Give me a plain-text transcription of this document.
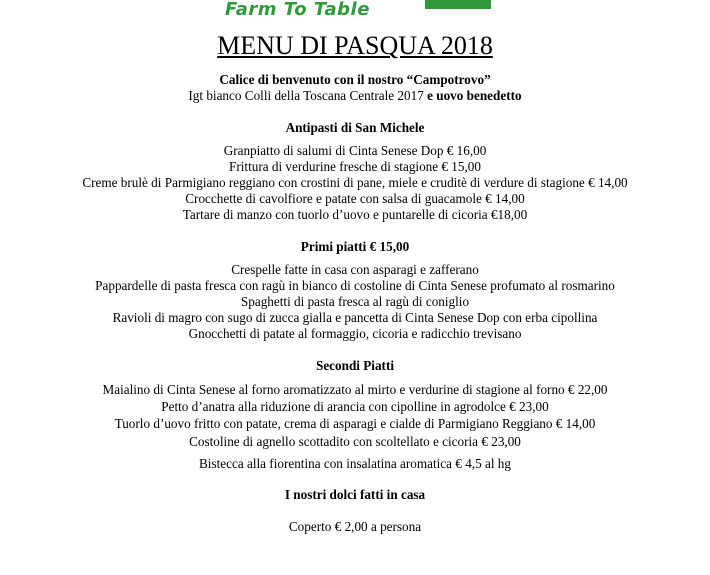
Farm To Table
MENU DI PASQUA 2018
Calice di benvenuto con il nostro “Campotrovo”
Igt bianco Colli della Toscana Centrale 2017 e uovo benedetto
Antipasti di San Michele
Granpiatto di salumi di Cinta Senese Dop € 16,00
Frittura di verdurine fresche di stagione € 15,00
Creme brulè di Parmigiano reggiano con crostini di pane, miele e cruditè di verdure di stagione € 14,00
Crocchette di cavolfiore e patate con salsa di guacamole € 14,00
Tartare di manzo con tuorlo d’uovo e puntarelle di cicoria €18,00
Primi piatti € 15,00
Crespelle fatte in casa con asparagi e zafferano
Pappardelle di pasta fresca con ragù in bianco di costoline di Cinta Senese profumato al rosmarino
Spaghetti di pasta fresca al ragù di coniglio
Ravioli di magro con sugo di zucca gialla e pancetta di Cinta Senese Dop con erba cipollina
Gnocchetti di patate al formaggio, cicoria e radicchio trevisano
Secondi Piatti
Maialino di Cinta Senese al forno aromatizzato al mirto e verdurine di stagione al forno € 22,00
Petto d’anatra alla riduzione di arancia con cipolline in agrodolce € 23,00
Tuorlo d’uovo fritto con patate, crema di asparagi e cialde di Parmigiano Reggiano € 14,00
Costoline di agnello scottadito con scoltellato e cicoria € 23,00
Bistecca alla fiorentina con insalatina aromatica € 4,5 al hg
I nostri dolci fatti in casa
Coperto € 2,00 a persona
